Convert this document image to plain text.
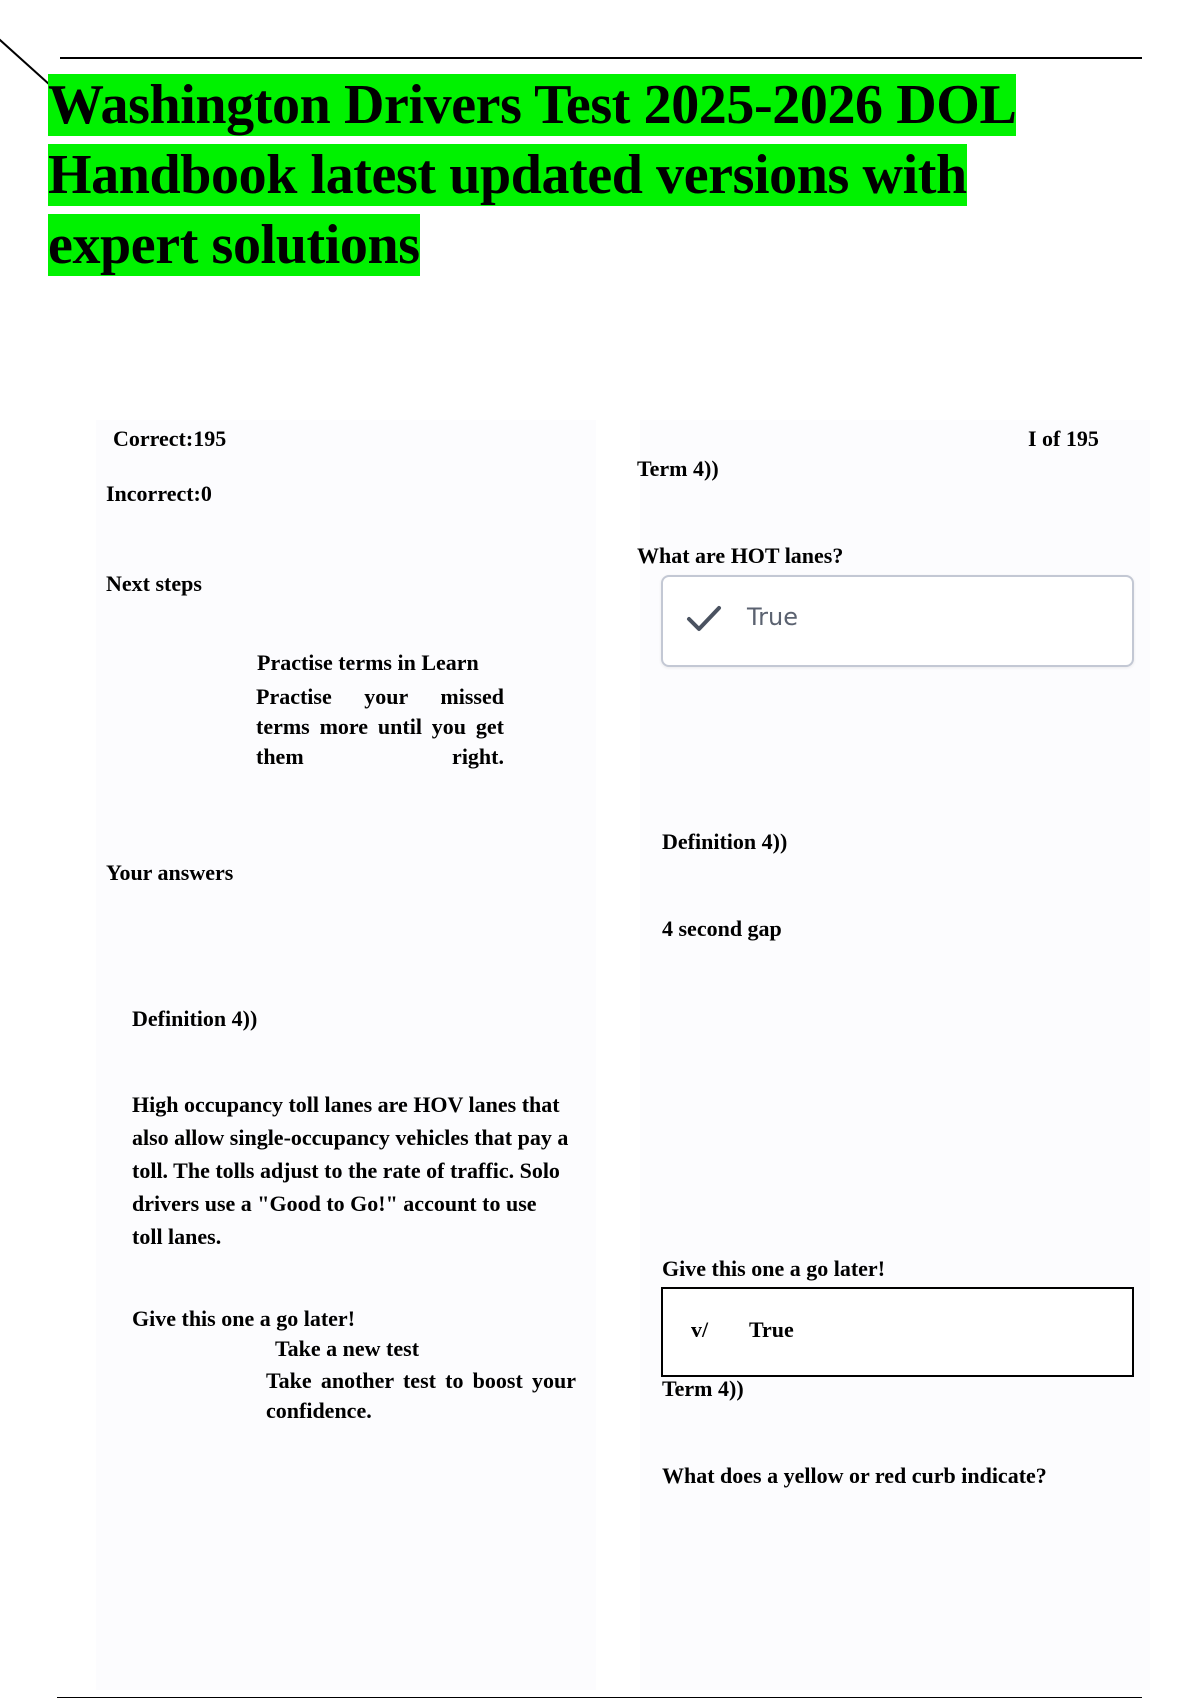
Washington Drivers Test 2025-2026 DOL
Handbook latest updated versions with
expert solutions
Correct:195
Incorrect:0
Next steps
Practise terms in Learn
Practise your missed terms more until you get them right.
Your answers
Definition 4))
High occupancy toll lanes are HOV lanes that also allow single-occupancy vehicles that pay a toll. The tolls adjust to the rate of traffic. Solo drivers use a "Good to Go!" account to use toll lanes.
Give this one a go later!
Take a new test
Take another test to boost your confidence.
I of 195
Term 4))
What are HOT lanes?
True
Definition 4))
4 second gap
Give this one a go later!
v/ True
Term 4))
What does a yellow or red curb indicate?
